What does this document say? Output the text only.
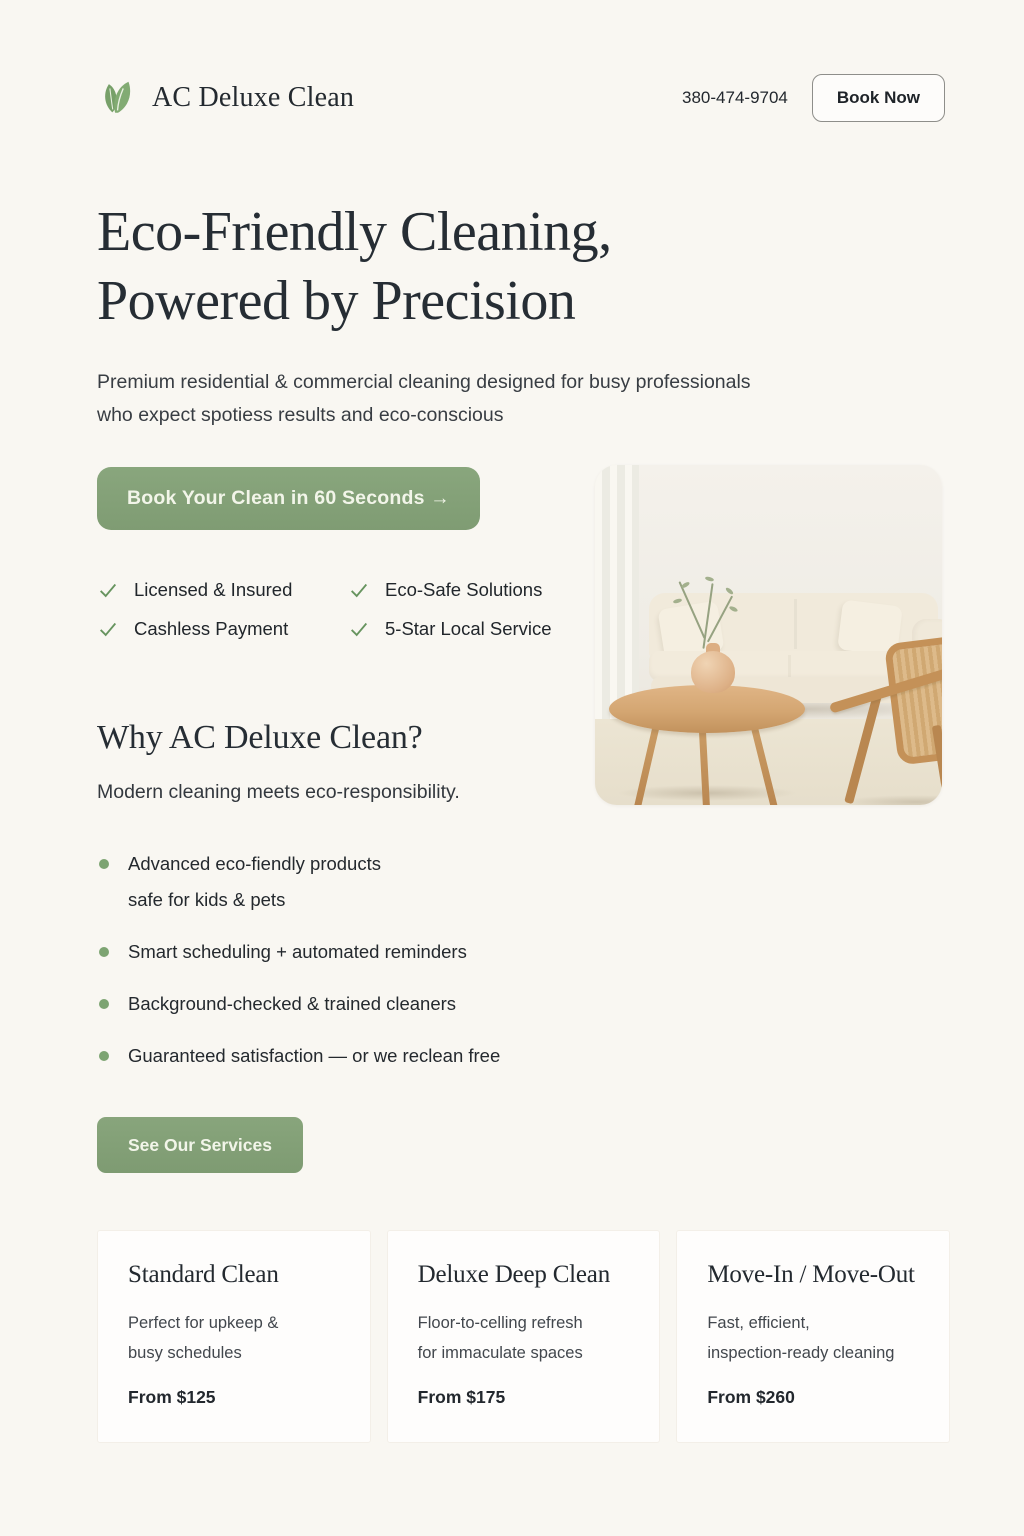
AC Deluxe Clean	380-474-9704	Book Now
Eco-Friendly Cleaning,
Powered by Precision

Premium residential & commercial cleaning designed for busy professionals
who expect spotiess results and eco-conscious

Book Your Clean in 60 Seconds →
Licensed & Insured	Eco-Safe Solutions
Cashless Payment	5-Star Local Service
Why AC Deluxe Clean?

Modern cleaning meets eco-responsibility.

Advanced eco-fiendly products
safe for kids & pets
Smart scheduling + automated reminders
Background-checked & trained cleaners
Guaranteed satisfaction — or we reclean free
See Our Services
Standard Clean
Perfect for upkeep &
busy schedules
From $125
Deluxe Deep Clean
Floor-to-celling refresh
for immaculate spaces
From $175
Move-In / Move-Out
Fast, efficient,
inspection-ready cleaning
From $260
